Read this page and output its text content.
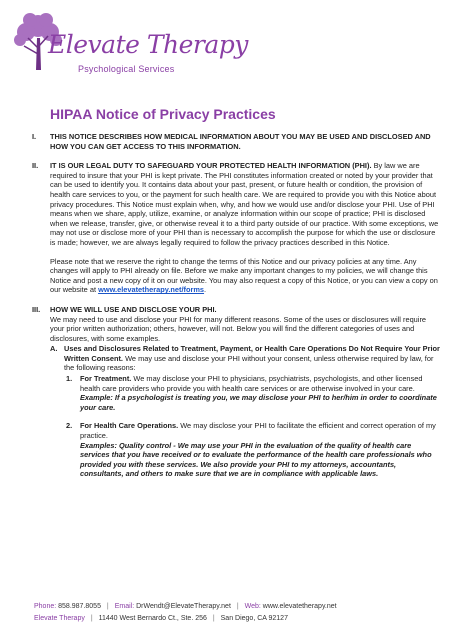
Elevate Therapy
Psychological Services
HIPAA Notice of Privacy Practices
I. THIS NOTICE DESCRIBES HOW MEDICAL INFORMATION ABOUT YOU MAY BE USED AND DISCLOSED AND HOW YOU CAN GET ACCESS TO THIS INFORMATION.
II. IT IS OUR LEGAL DUTY TO SAFEGUARD YOUR PROTECTED HEALTH INFORMATION (PHI). By law we are required to insure that your PHI is kept private. The PHI constitutes information created or noted by your provider that can be used to identify you. It contains data about your past, present, or future health or condition, the provision of health care services to you, or the payment for such health care. We are required to provide you with this Notice about privacy procedures. This Notice must explain when, why, and how we would use and/or disclose your PHI. Use of PHI means when we share, apply, utilize, examine, or analyze information within our scope of practice; PHI is disclosed when we release, transfer, give, or otherwise reveal it to a third party outside of our practice. With some exceptions, we may not use or disclose more of your PHI than is necessary to accomplish the purpose for which the use or disclosure is made; however, we are always legally required to follow the privacy practices described in this Notice.
Please note that we reserve the right to change the terms of this Notice and our privacy policies at any time. Any changes will apply to PHI already on file. Before we make any important changes to my policies, we will change this Notice and post a new copy of it on our website. You may also request a copy of this Notice, or you can view a copy on our website at www.elevatetherapy.net/forms.
III. HOW WE WILL USE AND DISCLOSE YOUR PHI.
We may need to use and disclose your PHI for many different reasons. Some of the uses or disclosures will require your prior written authorization; others, however, will not. Below you will find the different categories of uses and disclosures, with some examples.
A. Uses and Disclosures Related to Treatment, Payment, or Health Care Operations Do Not Require Your Prior Written Consent. We may use and disclose your PHI without your consent, unless otherwise required by law, for the following reasons:
1. For Treatment. We may disclose your PHI to physicians, psychiatrists, psychologists, and other licensed health care providers who provide you with health care services or are otherwise involved in your care.
Example: If a psychologist is treating you, we may disclose your PHI to her/him in order to coordinate your care.
2. For Health Care Operations. We may disclose your PHI to facilitate the efficient and correct operation of my practice.
Examples: Quality control - We may use your PHI in the evaluation of the quality of health care services that you have received or to evaluate the performance of the health care professionals who provided you with these services. We also provide your PHI to my attorneys, accountants, consultants, and others to make sure that we are in compliance with applicable laws.
Phone: 858.987.8055 | Email: DrWendt@ElevateTherapy.net | Web: www.elevatetherapy.net
Elevate Therapy | 11440 West Bernardo Ct., Ste. 256 | San Diego, CA 92127
